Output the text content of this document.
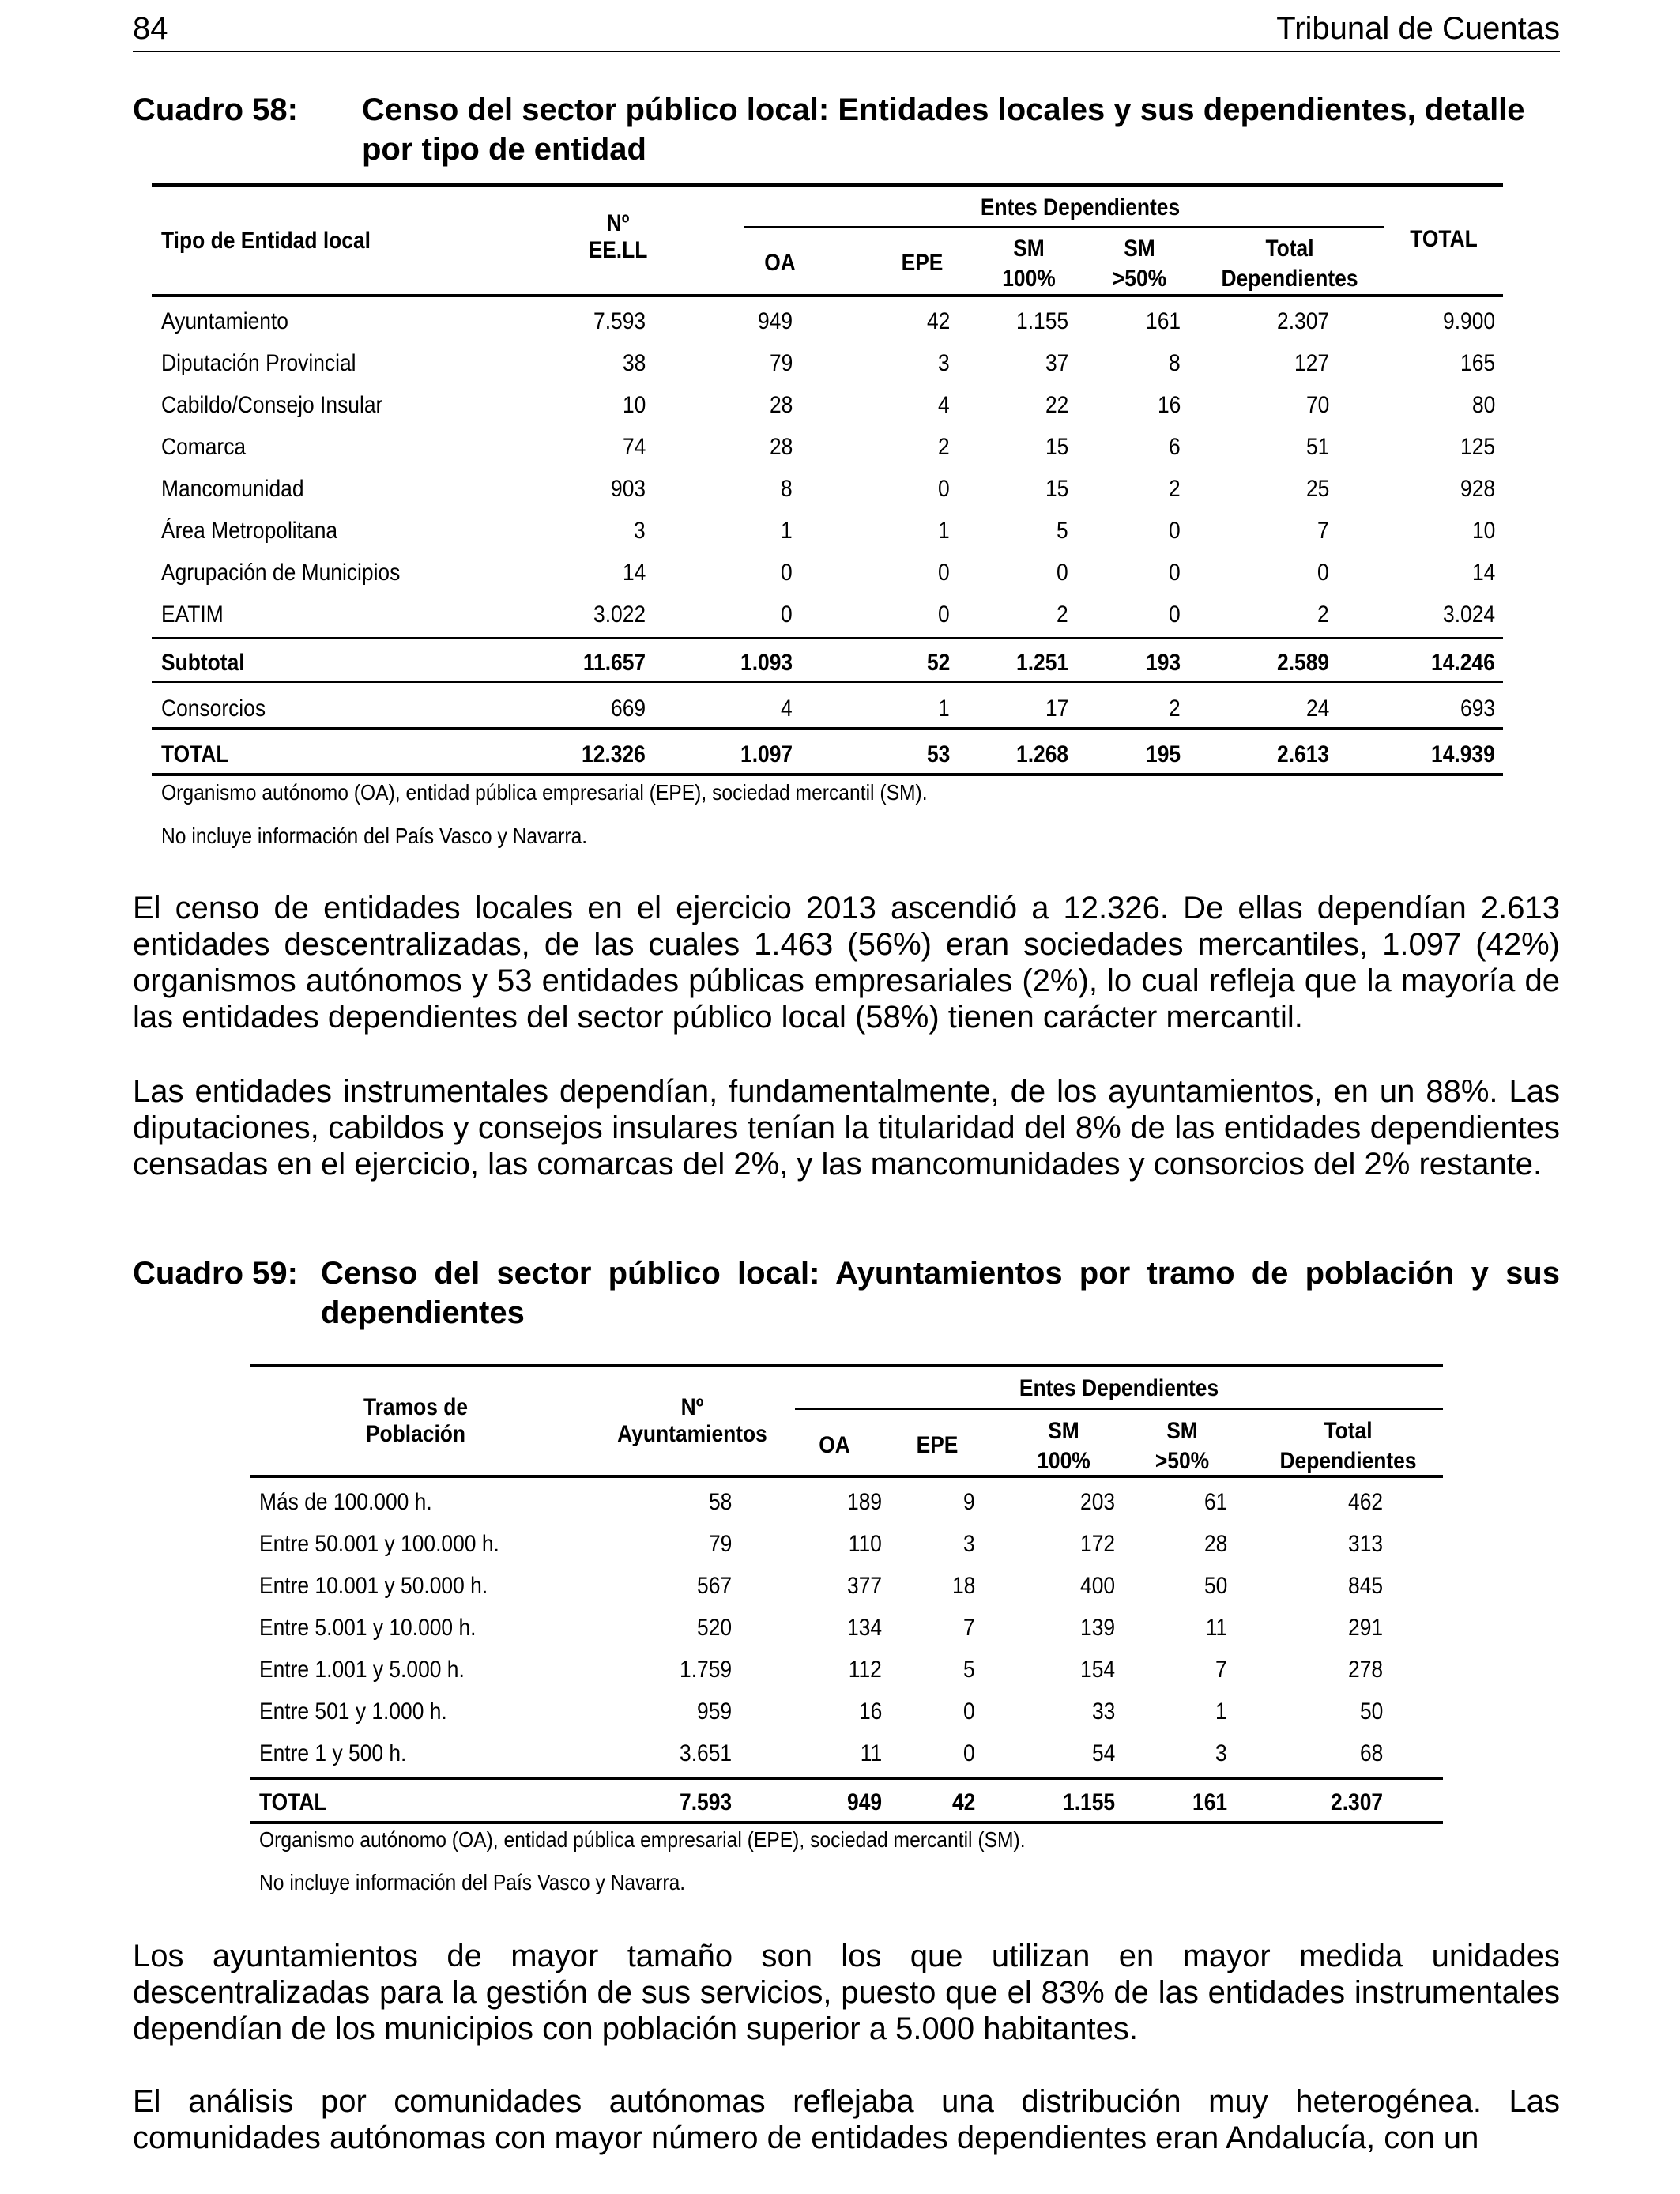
84	Tribunal de Cuentas
Cuadro 58: Censo del sector público local: Entidades locales y sus dependientes, detalle
por tipo de entidad
Tipo de Entidad local
Nº
EE.LL
Entes Dependientes
OA	EPE
SM
100%
SM
>50%
Total
Dependientes
TOTAL
Ayuntamiento	7.593	949	42	1.155	161	2.307	9.900
Diputación Provincial	38	79	3	37	8	127	165
Cabildo/Consejo Insular	10	28	4	22	16	70	80
Comarca	74	28	2	15	6	51	125
Mancomunidad	903	8	0	15	2	25	928
Área Metropolitana	3	1	1	5	0	7	10
Agrupación de Municipios	14	0	0	0	0	0	14
EATIM	3.022	0	0	2	0	2	3.024
Subtotal	11.657	1.093	52	1.251	193	2.589	14.246
Consorcios	669	4	1	17	2	24	693
TOTAL	12.326	1.097	53	1.268	195	2.613	14.939
Organismo autónomo (OA), entidad pública empresarial (EPE), sociedad mercantil (SM).
No incluye información del País Vasco y Navarra.
El censo de entidades locales en el ejercicio 2013 ascendió a 12.326. De ellas dependían 2.613 entidades descentralizadas, de las cuales 1.463 (56%) eran sociedades mercantiles, 1.097 (42%) organismos autónomos y 53 entidades públicas empresariales (2%), lo cual refleja que la mayoría de las entidades dependientes del sector público local (58%) tienen carácter mercantil.
Las entidades instrumentales dependían, fundamentalmente, de los ayuntamientos, en un 88%. Las diputaciones, cabildos y consejos insulares tenían la titularidad del 8% de las entidades dependientes censadas en el ejercicio, las comarcas del 2%, y las mancomunidades y consorcios del 2% restante.
Cuadro 59: Censo del sector público local: Ayuntamientos por tramo de población y sus
dependientes
Tramos de
Población
Nº
Ayuntamientos
Entes Dependientes
OA	EPE
SM
100%
SM
>50%
Total
Dependientes
Más de 100.000 h.	58	189	9	203	61	462
Entre 50.001 y 100.000 h.	79	110	3	172	28	313
Entre 10.001 y 50.000 h.	567	377	18	400	50	845
Entre 5.001 y 10.000 h.	520	134	7	139	11	291
Entre 1.001 y 5.000 h.	1.759	112	5	154	7	278
Entre 501 y 1.000 h.	959	16	0	33	1	50
Entre 1 y 500 h.	3.651	11	0	54	3	68
TOTAL	7.593	949	42	1.155	161	2.307
Organismo autónomo (OA), entidad pública empresarial (EPE), sociedad mercantil (SM).
No incluye información del País Vasco y Navarra.
Los ayuntamientos de mayor tamaño son los que utilizan en mayor medida unidades descentralizadas para la gestión de sus servicios, puesto que el 83% de las entidades instrumentales dependían de los municipios con población superior a 5.000 habitantes.
El análisis por comunidades autónomas reflejaba una distribución muy heterogénea. Las comunidades autónomas con mayor número de entidades dependientes eran Andalucía, con un
